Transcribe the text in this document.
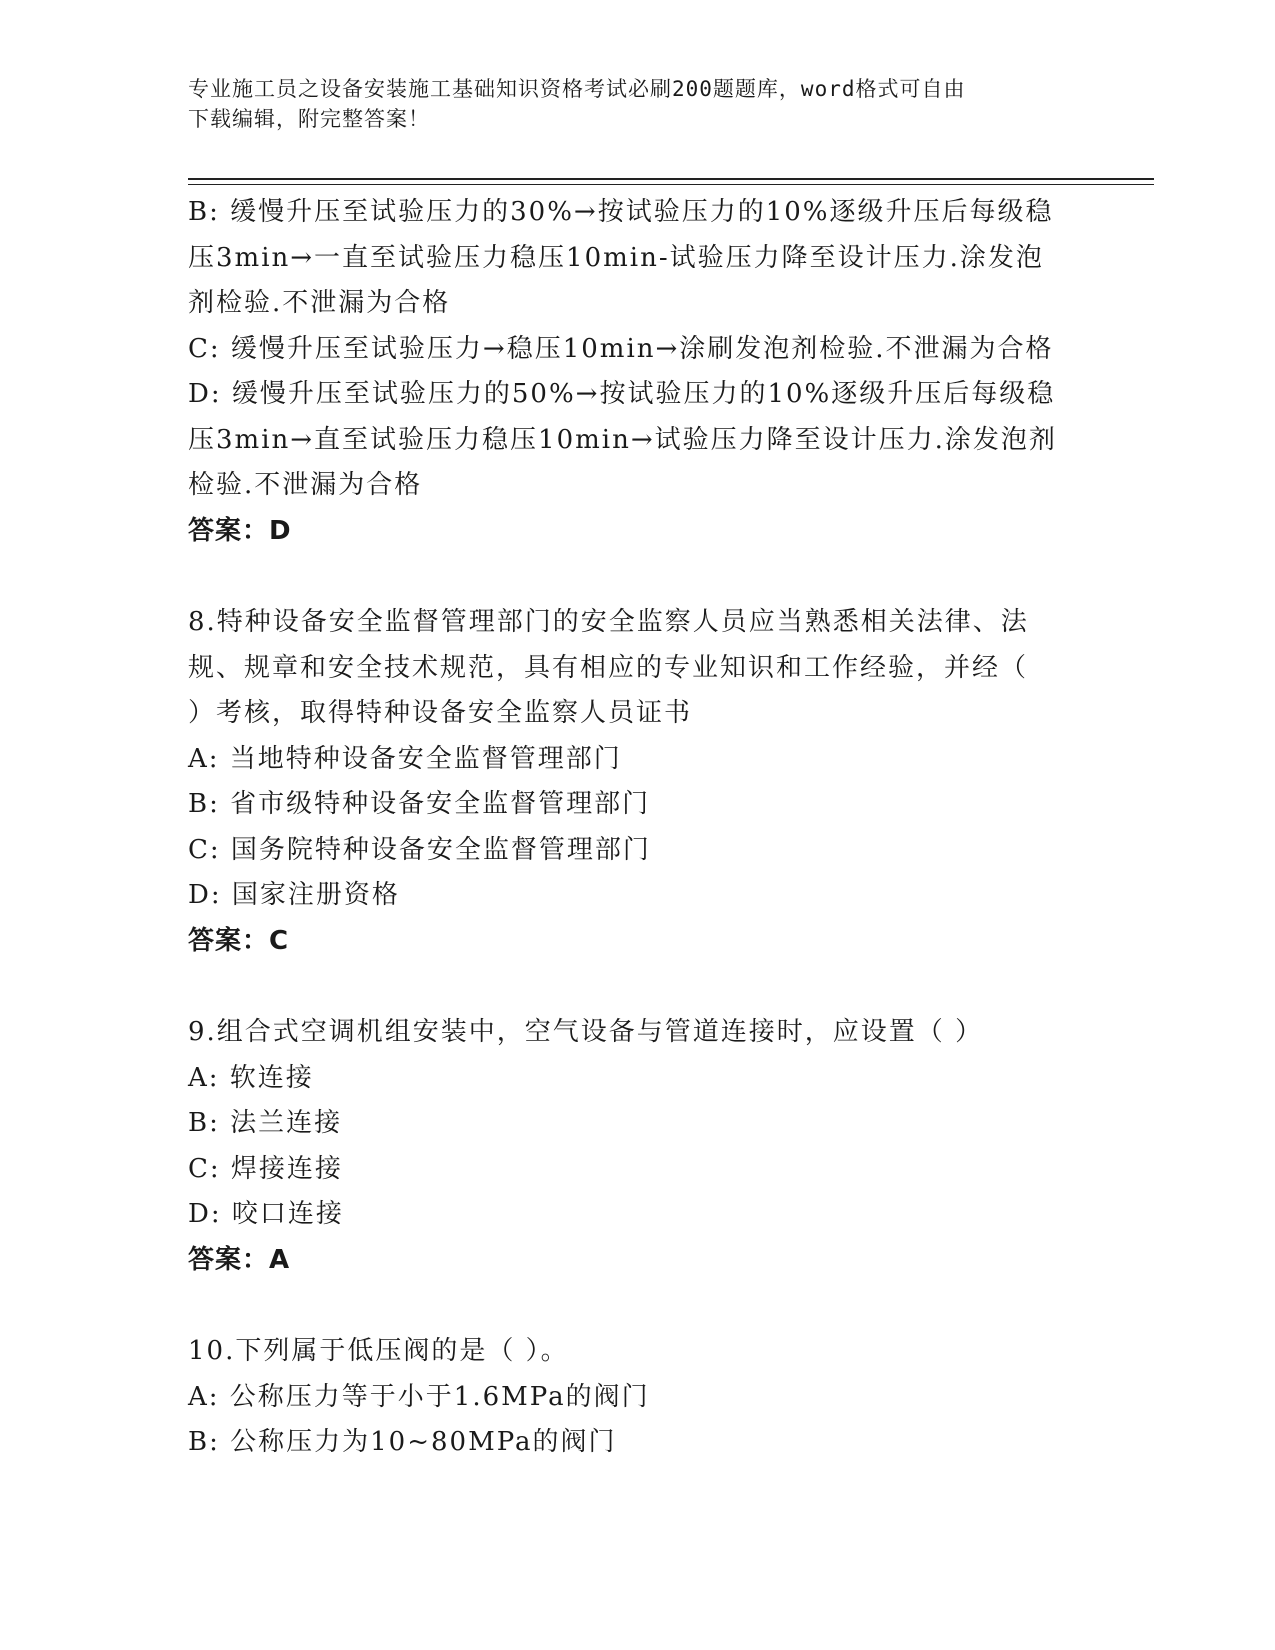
专业施工员之设备安装施工基础知识资格考试必刷200题题库，word格式可自由
下载编辑，附完整答案！
B: 缓慢升压至试验压力的30%→按试验压力的10%逐级升压后每级稳
压3min→一直至试验压力稳压10min-试验压力降至设计压力.涂发泡
剂检验.不泄漏为合格
C: 缓慢升压至试验压力→稳压10min→涂刷发泡剂检验.不泄漏为合格
D: 缓慢升压至试验压力的50%→按试验压力的10%逐级升压后每级稳
压3min→直至试验压力稳压10min→试验压力降至设计压力.涂发泡剂
检验.不泄漏为合格
答案：D
8.特种设备安全监督管理部门的安全监察人员应当熟悉相关法律、法
规、规章和安全技术规范，具有相应的专业知识和工作经验，并经（
）考核，取得特种设备安全监察人员证书
A: 当地特种设备安全监督管理部门
B: 省市级特种设备安全监督管理部门
C: 国务院特种设备安全监督管理部门
D: 国家注册资格
答案：C
9.组合式空调机组安装中，空气设备与管道连接时，应设置（ ）
A: 软连接
B: 法兰连接
C: 焊接连接
D: 咬口连接
答案：A
10.下列属于低压阀的是（ ）。
A: 公称压力等于小于1.6MPa的阀门
B: 公称压力为10~80MPa的阀门
